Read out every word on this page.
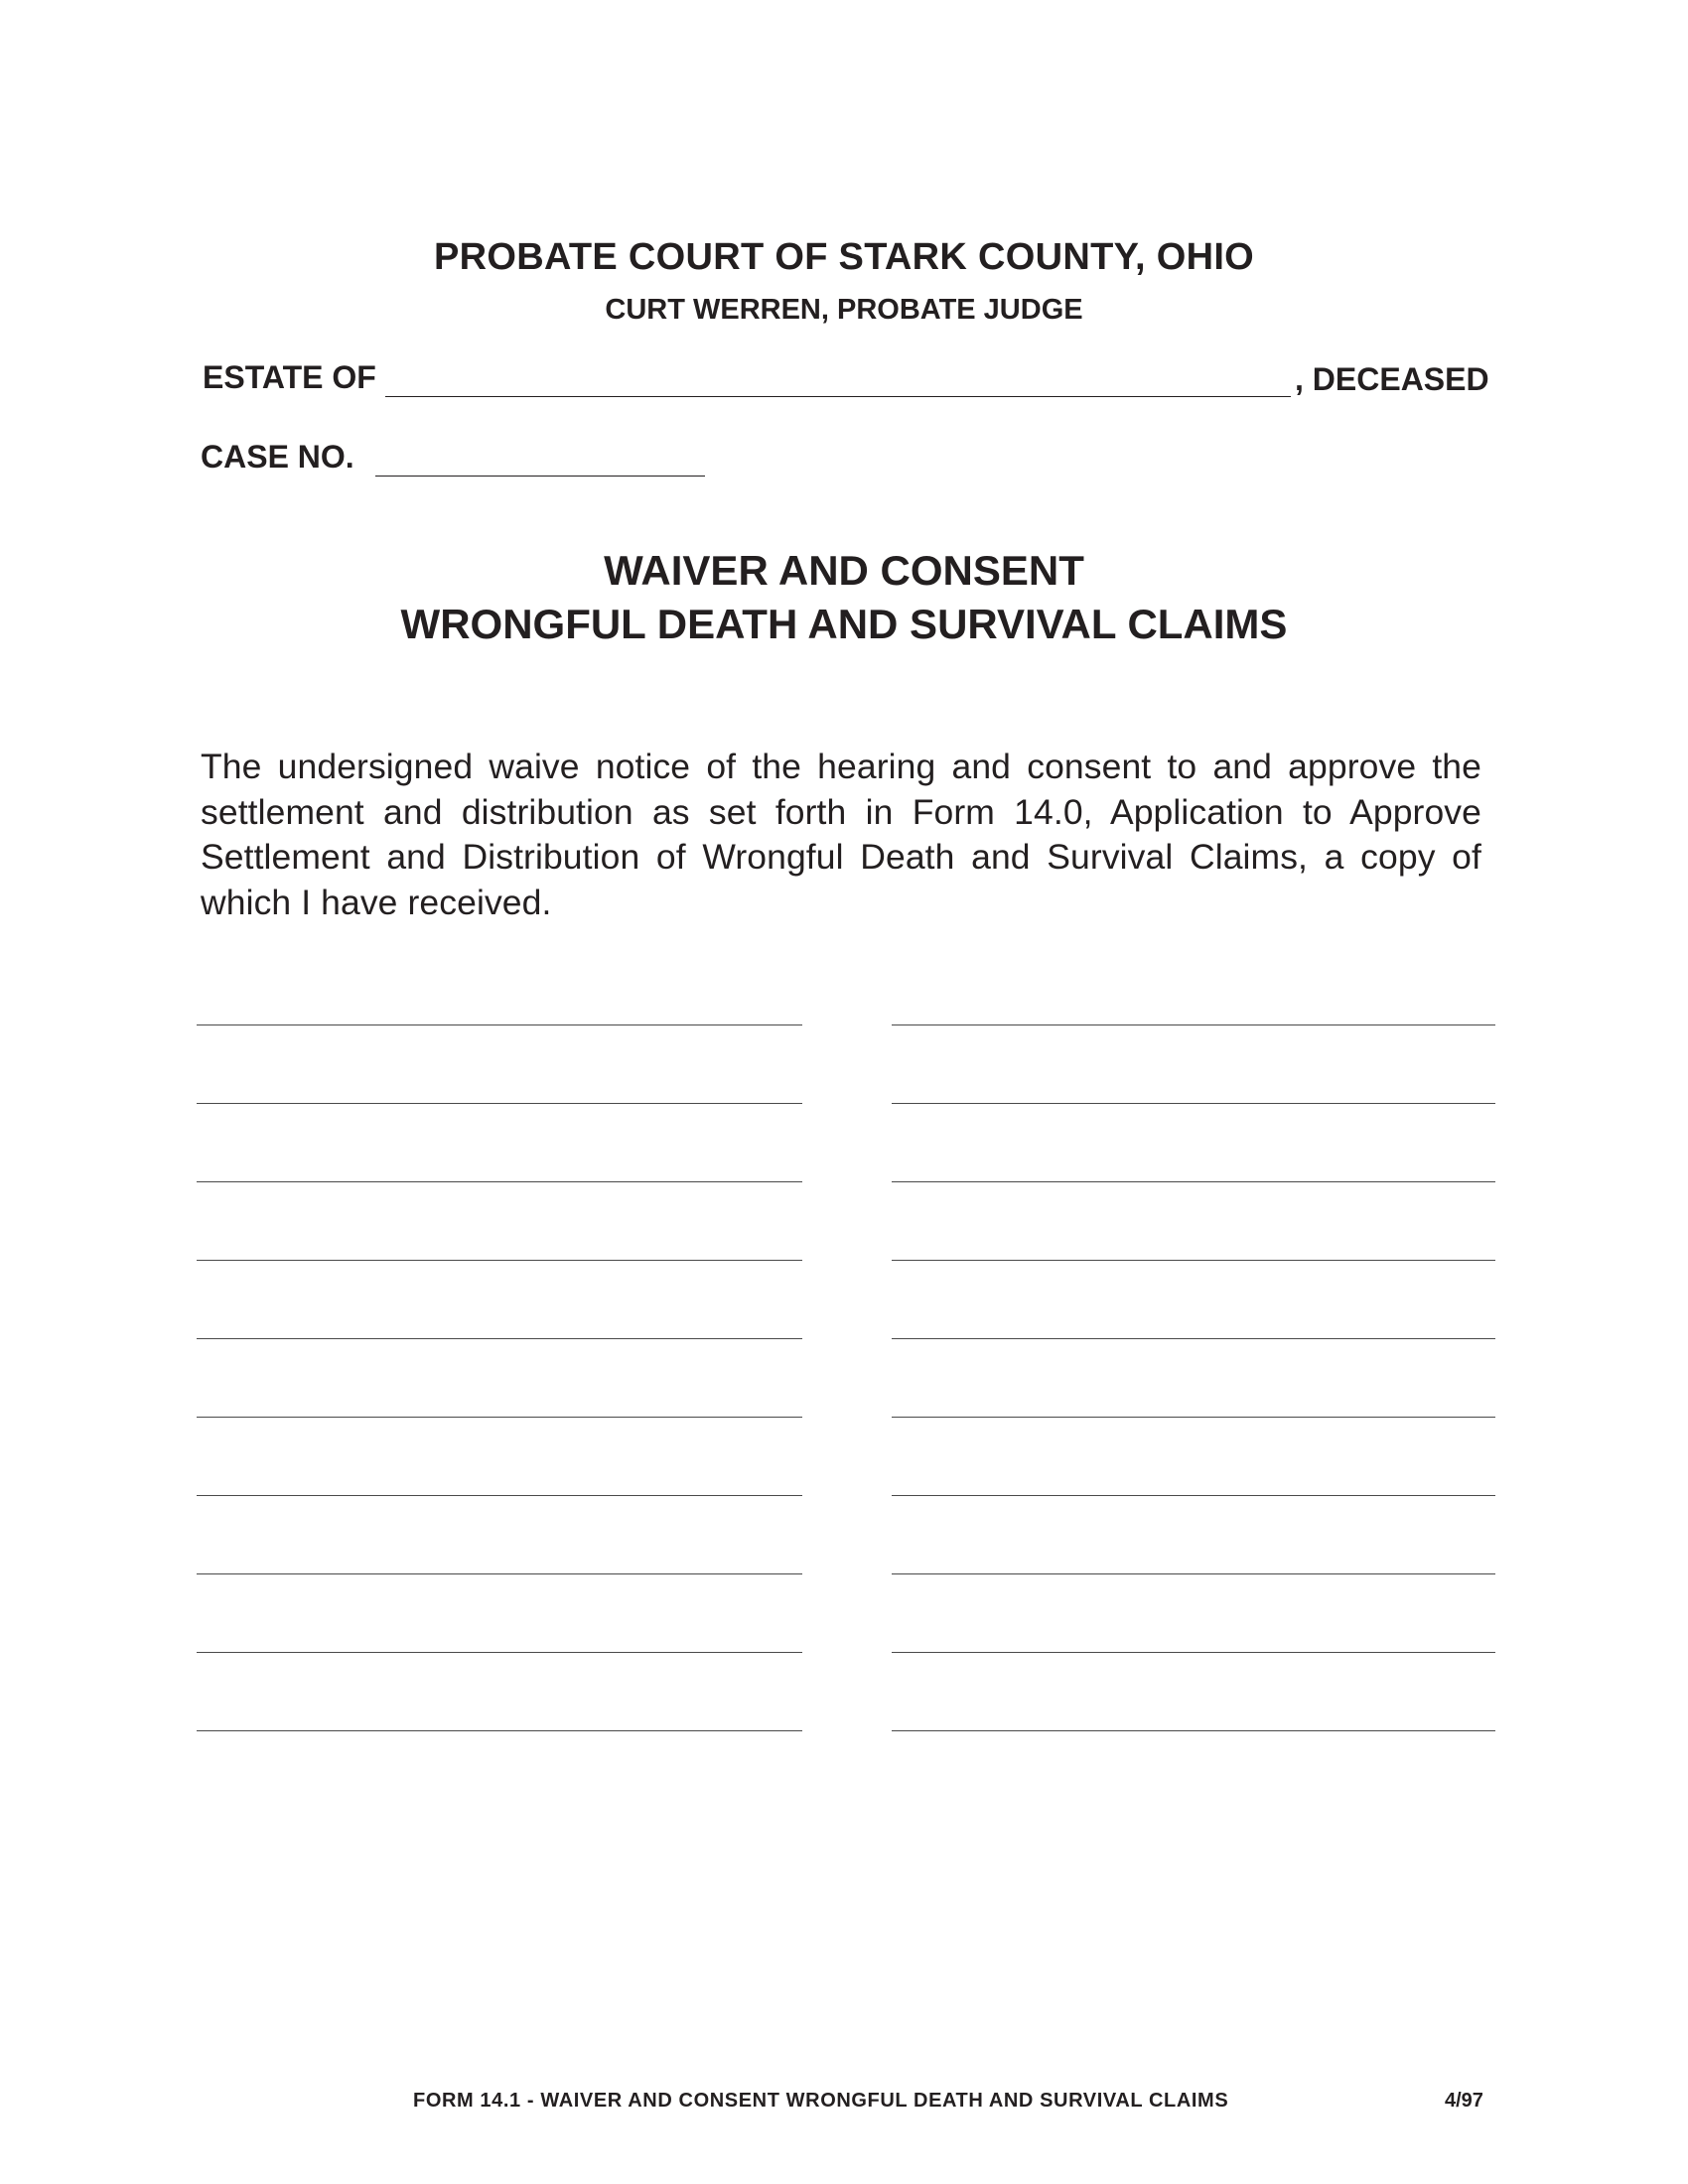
PROBATE COURT OF STARK COUNTY, OHIO
CURT WERREN, PROBATE JUDGE
ESTATE OF	, DECEASED
CASE NO.
WAIVER AND CONSENT
WRONGFUL DEATH AND SURVIVAL CLAIMS
The undersigned waive notice of the hearing and consent to and approve the settlement and distribution as set forth in Form 14.0, Application to Approve Settlement and Distribution of Wrongful Death and Survival Claims, a copy of which I have received.
FORM 14.1 - WAIVER AND CONSENT WRONGFUL DEATH AND SURVIVAL CLAIMS	4/97
